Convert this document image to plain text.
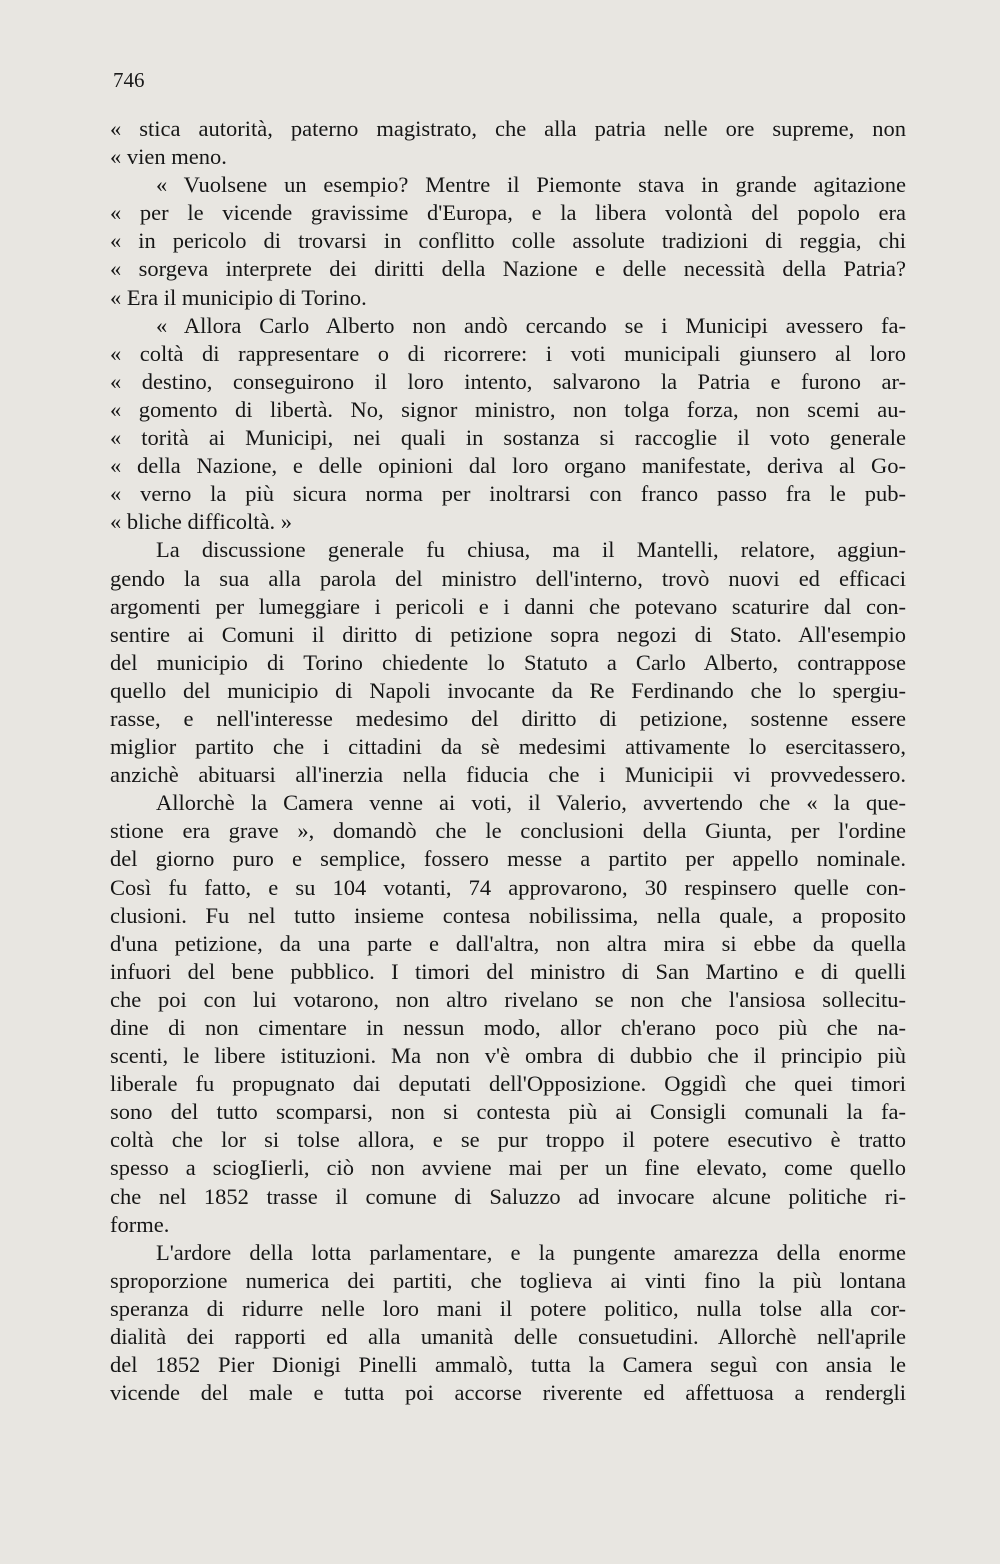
746
« stica autorità, paterno magistrato, che alla patria nelle ore supreme, non
« vien meno.
« Vuolsene un esempio? Mentre il Piemonte stava in grande agitazione
« per le vicende gravissime d'Europa, e la libera volontà del popolo era
« in pericolo di trovarsi in conflitto colle assolute tradizioni di reggia, chi
« sorgeva interprete dei diritti della Nazione e delle necessità della Patria?
« Era il municipio di Torino.
« Allora Carlo Alberto non andò cercando se i Municipi avessero fa-
« coltà di rappresentare o di ricorrere: i voti municipali giunsero al loro
« destino, conseguirono il loro intento, salvarono la Patria e furono ar-
« gomento di libertà. No, signor ministro, non tolga forza, non scemi au-
« torità ai Municipi, nei quali in sostanza si raccoglie il voto generale
« della Nazione, e delle opinioni dal loro organo manifestate, deriva al Go-
« verno la più sicura norma per inoltrarsi con franco passo fra le pub-
« bliche difficoltà. »
La discussione generale fu chiusa, ma il Mantelli, relatore, aggiun-
gendo la sua alla parola del ministro dell'interno, trovò nuovi ed efficaci
argomenti per lumeggiare i pericoli e i danni che potevano scaturire dal con-
sentire ai Comuni il diritto di petizione sopra negozi di Stato. All'esempio
del municipio di Torino chiedente lo Statuto a Carlo Alberto, contrappose
quello del municipio di Napoli invocante da Re Ferdinando che lo spergiu-
rasse, e nell'interesse medesimo del diritto di petizione, sostenne essere
miglior partito che i cittadini da sè medesimi attivamente lo esercitassero,
anzichè abituarsi all'inerzia nella fiducia che i Municipii vi provvedessero.
Allorchè la Camera venne ai voti, il Valerio, avvertendo che « la que-
stione era grave », domandò che le conclusioni della Giunta, per l'ordine
del giorno puro e semplice, fossero messe a partito per appello nominale.
Così fu fatto, e su 104 votanti, 74 approvarono, 30 respinsero quelle con-
clusioni. Fu nel tutto insieme contesa nobilissima, nella quale, a proposito
d'una petizione, da una parte e dall'altra, non altra mira si ebbe da quella
infuori del bene pubblico. I timori del ministro di San Martino e di quelli
che poi con lui votarono, non altro rivelano se non che l'ansiosa sollecitu-
dine di non cimentare in nessun modo, allor ch'erano poco più che na-
scenti, le libere istituzioni. Ma non v'è ombra di dubbio che il principio più
liberale fu propugnato dai deputati dell'Opposizione. Oggidì che quei timori
sono del tutto scomparsi, non si contesta più ai Consigli comunali la fa-
coltà che lor si tolse allora, e se pur troppo il potere esecutivo è tratto
spesso a sciogIierli, ciò non avviene mai per un fine elevato, come quello
che nel 1852 trasse il comune di Saluzzo ad invocare alcune politiche ri-
forme.
L'ardore della lotta parlamentare, e la pungente amarezza della enorme
sproporzione numerica dei partiti, che toglieva ai vinti fino la più lontana
speranza di ridurre nelle loro mani il potere politico, nulla tolse alla cor-
dialità dei rapporti ed alla umanità delle consuetudini. Allorchè nell'aprile
del 1852 Pier Dionigi Pinelli ammalò, tutta la Camera seguì con ansia le
vicende del male e tutta poi accorse riverente ed affettuosa a rendergli
